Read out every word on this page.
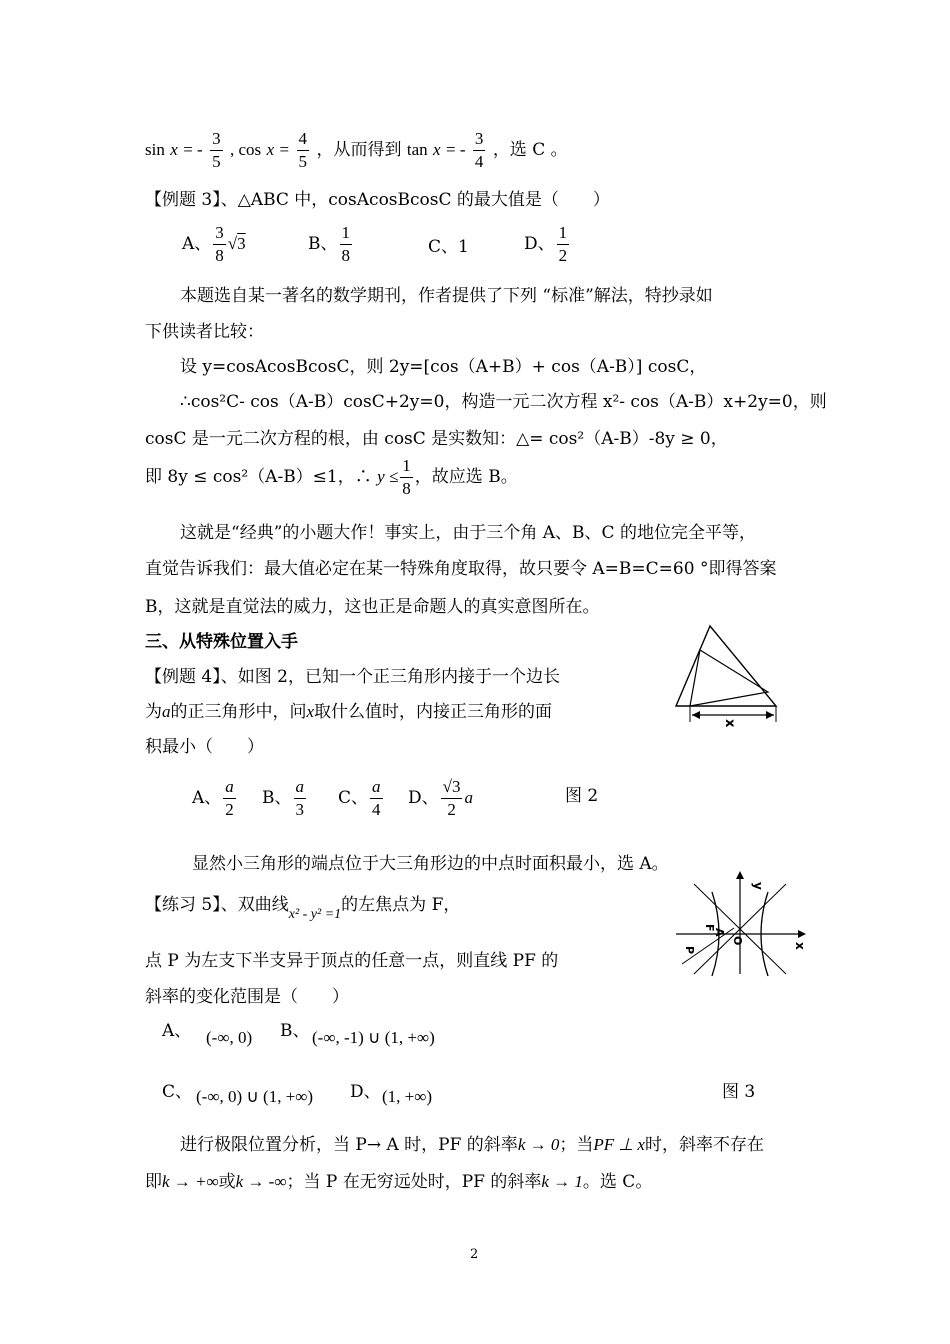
sin x = - $\frac{3}{5}$ , $\cos x = \frac{4}{5}$ ，从而得到 tan x = - $\frac{3}{4}$ ，选 C 。
【例题 3】、△ABC 中，cosAcosBcosC 的最大值是（　　）
A、 $\frac{3}{8} √3$	B、 $\frac{1}{8}$	C、1	D、 $\frac{1}{2}$
本题选自某一著名的数学期刊，作者提供了下列 “标准”解法，特抄录如
下供读者比较：
设 y=cosAcosBcosC，则 2y=[cos（A+B）+ cos（A-B）] cosC，
∴cos²C- cos（A-B）cosC+2y=0，构造一元二次方程 x²- cos（A-B）x+2y=0，则
cosC 是一元二次方程的根，由 cosC 是实数知：△= cos²（A-B）-8y ≥ 0，
即 8y ≤ cos²（A-B）≤1，∴ $y \le \frac{1}{8}$ ，故应选 B。
这就是“经典”的小题大作！事实上，由于三个角 A、B、C 的地位完全平等，
直觉告诉我们：最大值必定在某一特殊角度取得，故只要令 A=B=C=60 °即得答案
B，这就是直觉法的威力，这也正是命题人的真实意图所在。
三、从特殊位置入手
【例题 4】、如图 2，已知一个正三角形内接于一个边长
为a的正三角形中，问x取什么值时，内接正三角形的面
积最小（　　）
A、 $\frac{a}{2}$ B、 $\frac{a}{3}$ C、 $\frac{a}{4}$ D、 $\frac{√3}{2}$ a	图 2
x
显然小三角形的端点位于大三角形边的中点时面积最小，选 A。
【练习 5】、双曲线$_{x^2 - y^2 =1}$的左焦点为 F，
点 P 为左支下半支异于顶点的任意一点，则直线 PF 的
斜率的变化范围是（　　）
A、 (-∞, 0) B、 (-∞, -1) ∪ (1, +∞)
C、 (-∞, 0) ∪ (1, +∞) D、 (1, +∞)	图 3
y
x
O
A
F
P
进行极限位置分析，当 P→ A 时，PF 的斜率k → 0；当PF ⊥ x时，斜率不存在
即k → +∞或k → -∞；当 P 在无穷远处时，PF 的斜率k → 1。选 C。
2
